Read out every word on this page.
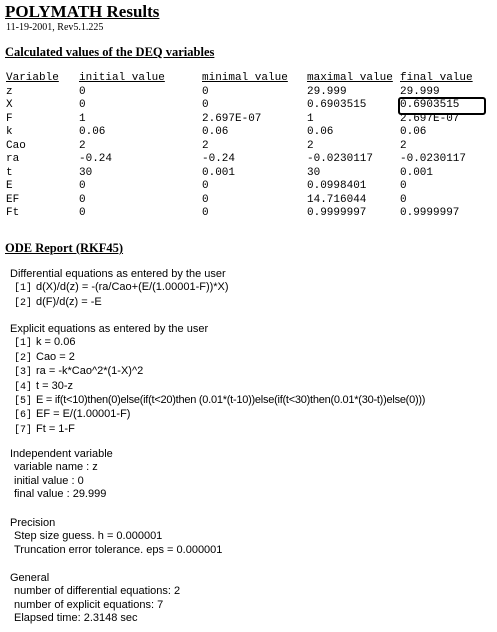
POLYMATH Results
11-19-2001, Rev5.1.225
Calculated values of the DEQ variables
Variable	initial value	minimal value	maximal value	final value
z	0	0	29.999	29.999
X	0	0	0.6903515	0.6903515
F	1	2.697E-07	1	2.697E-07
k	0.06	0.06	0.06	0.06
Cao	2	2	2	2
ra	-0.24	-0.24	-0.0230117	-0.0230117
t	30	0.001	30	0.001
E	0	0	0.0998401	0
EF	0	0	14.716044	0
Ft	0	0	0.9999997	0.9999997
ODE Report (RKF45)
Differential equations as entered by the user
[1] d(X)/d(z) = -(ra/Cao+(E/(1.00001-F))*X)
[2] d(F)/d(z) = -E
Explicit equations as entered by the user
[1] k = 0.06
[2] Cao = 2
[3] ra = -k*Cao^2*(1-X)^2
[4] t = 30-z
[5] E = if(t<10)then(0)else(if(t<20)then (0.01*(t-10))else(if(t<30)then(0.01*(30-t))else(0)))
[6] EF = E/(1.00001-F)
[7] Ft = 1-F
Independent variable
variable name : z
initial value : 0
final value : 29.999
Precision
Step size guess. h = 0.000001
Truncation error tolerance. eps = 0.000001
General
number of differential equations: 2
number of explicit equations: 7
Elapsed time: 2.3148 sec
